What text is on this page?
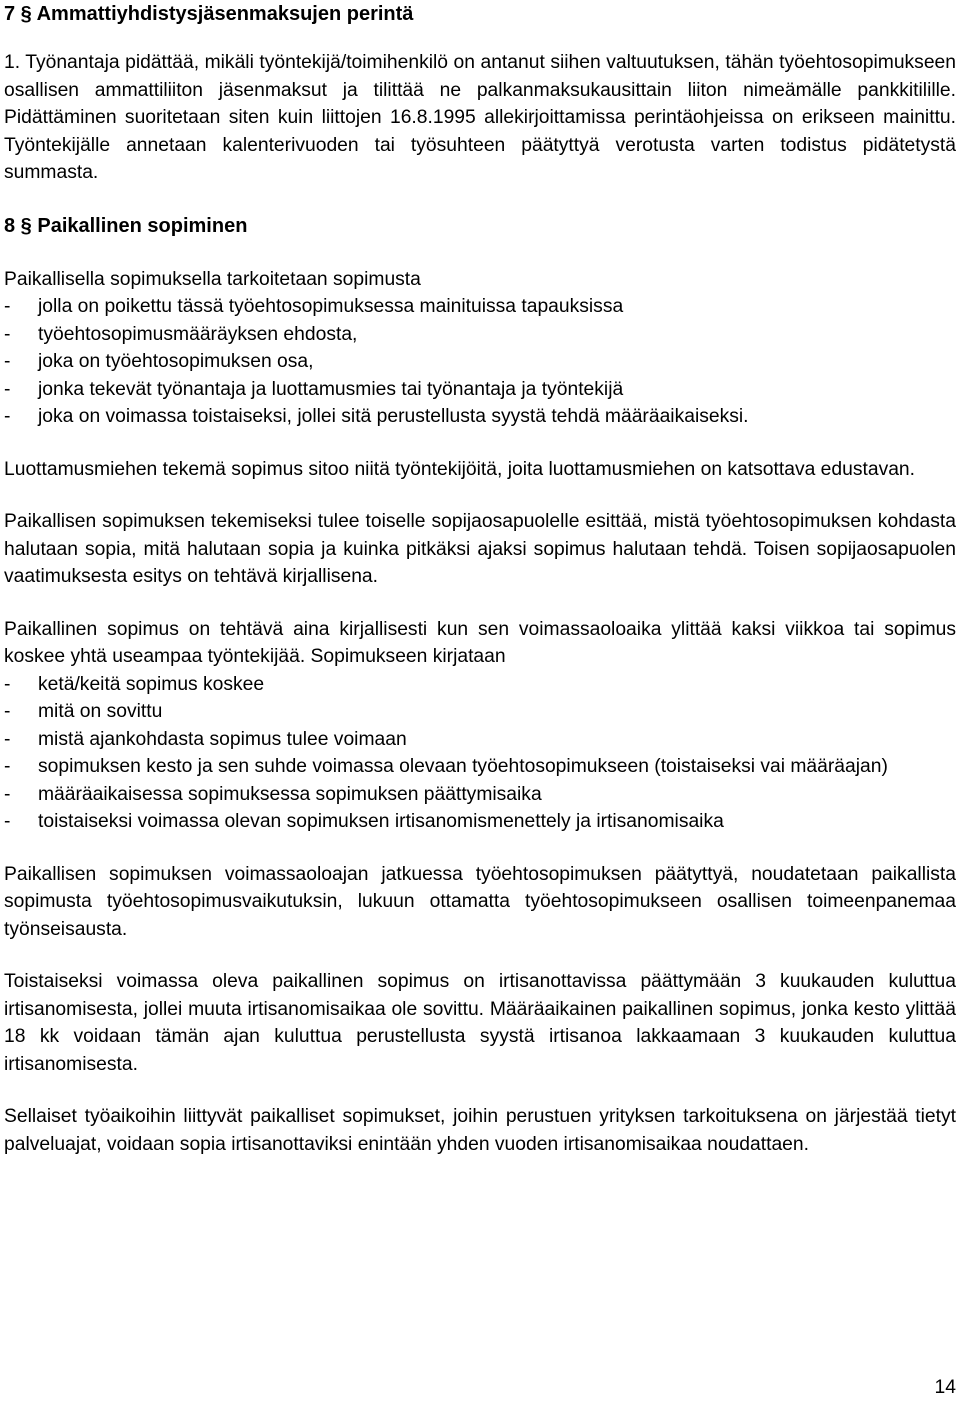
7 § Ammattiyhdistysjäsenmaksujen perintä

1. Työnantaja pidättää, mikäli työntekijä/toimihenkilö on antanut siihen valtuutuksen, tähän työehtosopimukseen osallisen ammattiliiton jäsenmaksut ja tilittää ne palkanmaksukausittain liiton nimeämälle pankkitilille. Pidättäminen suoritetaan siten kuin liittojen 16.8.1995 allekirjoittamissa perintäohjeissa on erikseen mainittu. Työntekijälle annetaan kalenterivuoden tai työsuhteen päätyttyä verotusta varten todistus pidätetystä summasta.

8 § Paikallinen sopiminen

Paikallisella sopimuksella tarkoitetaan sopimusta

- jolla on poikettu tässä työehtosopimuksessa mainituissa tapauksissa
- työehtosopimusmääräyksen ehdosta,
- joka on työehtosopimuksen osa,
- jonka tekevät työnantaja ja luottamusmies tai työnantaja ja työntekijä
- joka on voimassa toistaiseksi, jollei sitä perustellusta syystä tehdä määräaikaiseksi.

Luottamusmiehen tekemä sopimus sitoo niitä työntekijöitä, joita luottamusmiehen on katsottava edustavan.

Paikallisen sopimuksen tekemiseksi tulee toiselle sopijaosapuolelle esittää, mistä työehtosopimuksen kohdasta halutaan sopia, mitä halutaan sopia ja kuinka pitkäksi ajaksi sopimus halutaan tehdä. Toisen sopijaosapuolen vaatimuksesta esitys on tehtävä kirjallisena.

Paikallinen sopimus on tehtävä aina kirjallisesti kun sen voimassaoloaika ylittää kaksi viikkoa tai sopimus koskee yhtä useampaa työntekijää. Sopimukseen kirjataan

- ketä/keitä sopimus koskee
- mitä on sovittu
- mistä ajankohdasta sopimus tulee voimaan
- sopimuksen kesto ja sen suhde voimassa olevaan työehtosopimukseen (toistaiseksi vai määräajan)
- määräaikaisessa sopimuksessa sopimuksen päättymisaika
- toistaiseksi voimassa olevan sopimuksen irtisanomismenettely ja irtisanomisaika

Paikallisen sopimuksen voimassaoloajan jatkuessa työehtosopimuksen päätyttyä, noudatetaan paikallista sopimusta työehtosopimusvaikutuksin, lukuun ottamatta työehtosopimukseen osallisen toimeenpanemaa työnseisausta.

Toistaiseksi voimassa oleva paikallinen sopimus on irtisanottavissa päättymään 3 kuukauden kuluttua irtisanomisesta, jollei muuta irtisanomisaikaa ole sovittu. Määräaikainen paikallinen sopimus, jonka kesto ylittää 18 kk voidaan tämän ajan kuluttua perustellusta syystä irtisanoa lakkaamaan 3 kuukauden kuluttua irtisanomisesta.

Sellaiset työaikoihin liittyvät paikalliset sopimukset, joihin perustuen yrityksen tarkoituksena on järjestää tietyt palveluajat, voidaan sopia irtisanottaviksi enintään yhden vuoden irtisanomisaikaa noudattaen.

14
